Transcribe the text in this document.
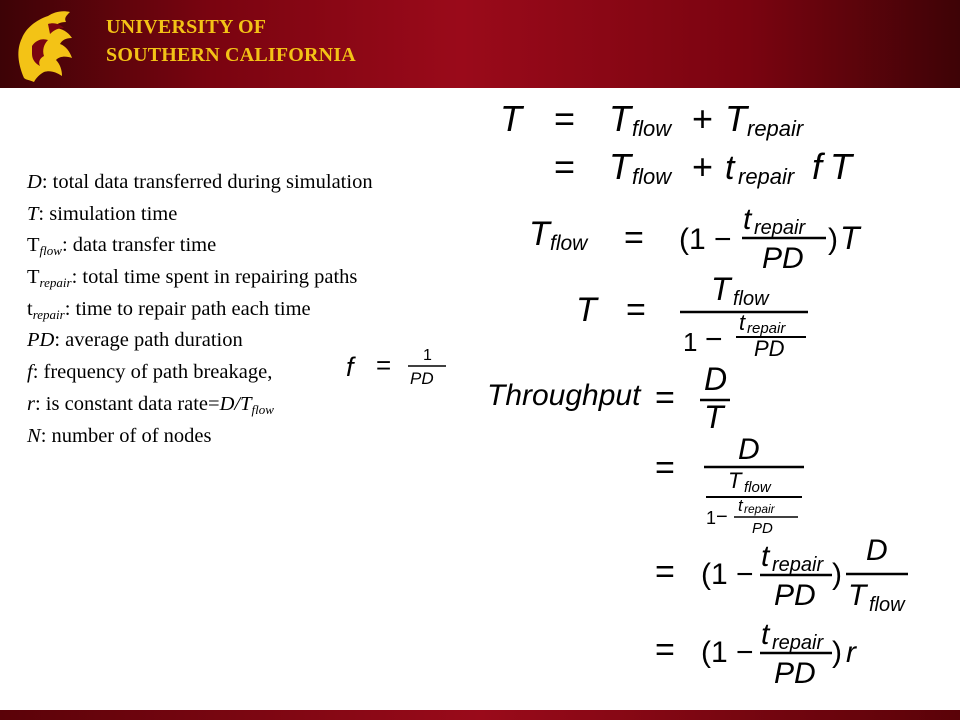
UNIVERSITY OF
SOUTHERN CALIFORNIA
D: total data transferred during simulation
T: simulation time
$T_{flow}$: data transfer time
$T_{repair}$: total time spent in repairing paths
$t_{repair}$: time to repair path each time
PD: average path duration
f: frequency of path breakage,
r: is constant data $rate=D/T_{flow}$
N: number of of nodes
f = 1
PD
T = T flow + T repair
= T flow + t repair f T
T flow = (1 −
t repair
PD
) T
T =
T flow
1 −
t repair
PD
Throughput = D
T
= D
T flow
1 −
t repair
PD
= (1 −
t repair
PD
)
D
T flow
= (1 −
t repair
PD
) r
